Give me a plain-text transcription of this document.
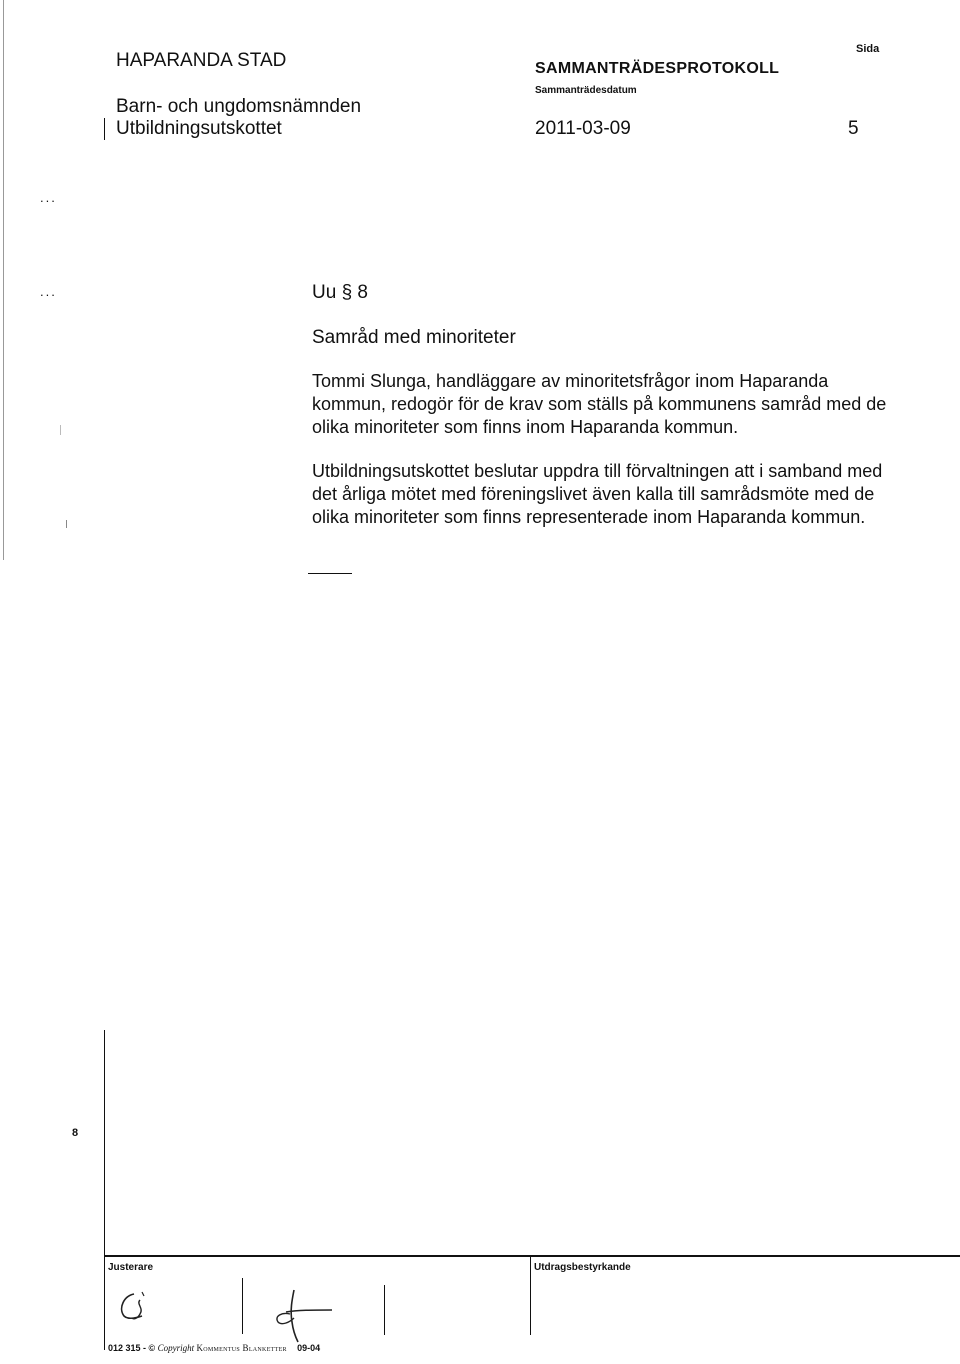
HAPARANDA STAD
Barn- och ungdomsnämnden
Utbildningsutskottet
SAMMANTRÄDESPROTOKOLL
Sammanträdesdatum
Sida
2011-03-09	5
...
...	Uu § 8
Samråd med minoriteter
Tommi Slunga, handläggare av minoritetsfrågor inom Haparanda
kommun, redogör för de krav som ställs på kommunens samråd med de
olika minoriteter som finns inom Haparanda kommun.
Utbildningsutskottet beslutar uppdra till förvaltningen att i samband med
det årliga mötet med föreningslivet även kalla till samrådsmöte med de
olika minoriteter som finns representerade inom Haparanda kommun.
8
Justerare	Utdragsbestyrkande
012 315 - © Copyright Kommentus Blanketter 09-04
